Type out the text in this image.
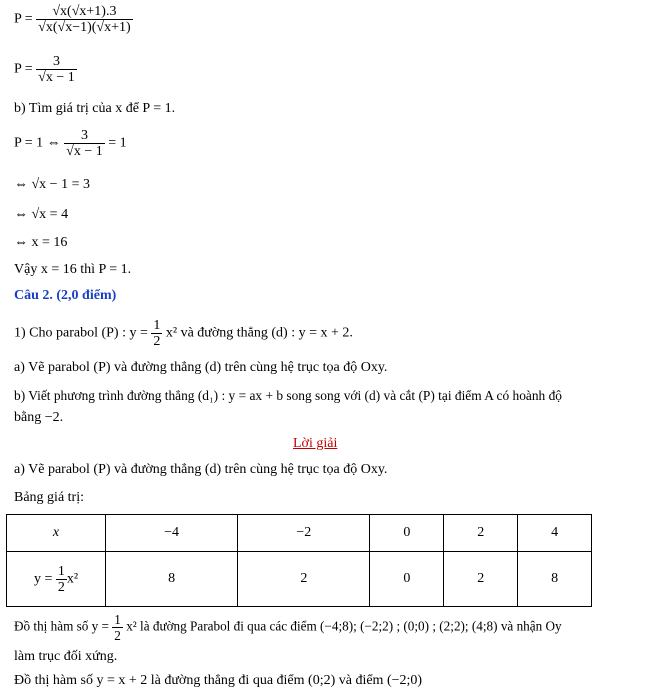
$P = \frac{√x(√x+1).3}{√x(√x-1)(√x+1)}$
$P = \frac{3}{√x - 1}$
b) Tìm giá trị của x để P = 1.
P = 1 ⇔ $\frac{3}{√x - 1} = 1$
⇔ √x − 1 = 3
⇔ √x = 4
⇔ x = 16
Vậy x = 16 thì P = 1.
Câu 2. (2,0 điểm)
1) Cho parabol (P) : $y = \frac{1}{2} x^2$ và đường thẳng (d) : y = x + 2.
a) Vẽ parabol (P) và đường thẳng (d) trên cùng hệ trục tọa độ Oxy.
b) Viết phương trình đường thẳng (d₁) : y = ax + b song song với (d) và cắt (P) tại điểm A có hoành độ
bằng −2.
Lời giải
a) Vẽ parabol (P) và đường thẳng (d) trên cùng hệ trục tọa độ Oxy.
Bảng giá trị:
x	−4	−2	0	2	4
$y = \frac{1}{2} x^2$	8	2	0	2	8
Đồ thị hàm số $y = \frac{1}{2} x^2$ là đường Parabol đi qua các điểm (−4;8); (−2;2) ; (0;0) ; (2;2); (4;8) và nhận Oy
làm trục đối xứng.
Đồ thị hàm số y = x + 2 là đường thẳng đi qua điểm (0;2) và điểm (−2;0)
